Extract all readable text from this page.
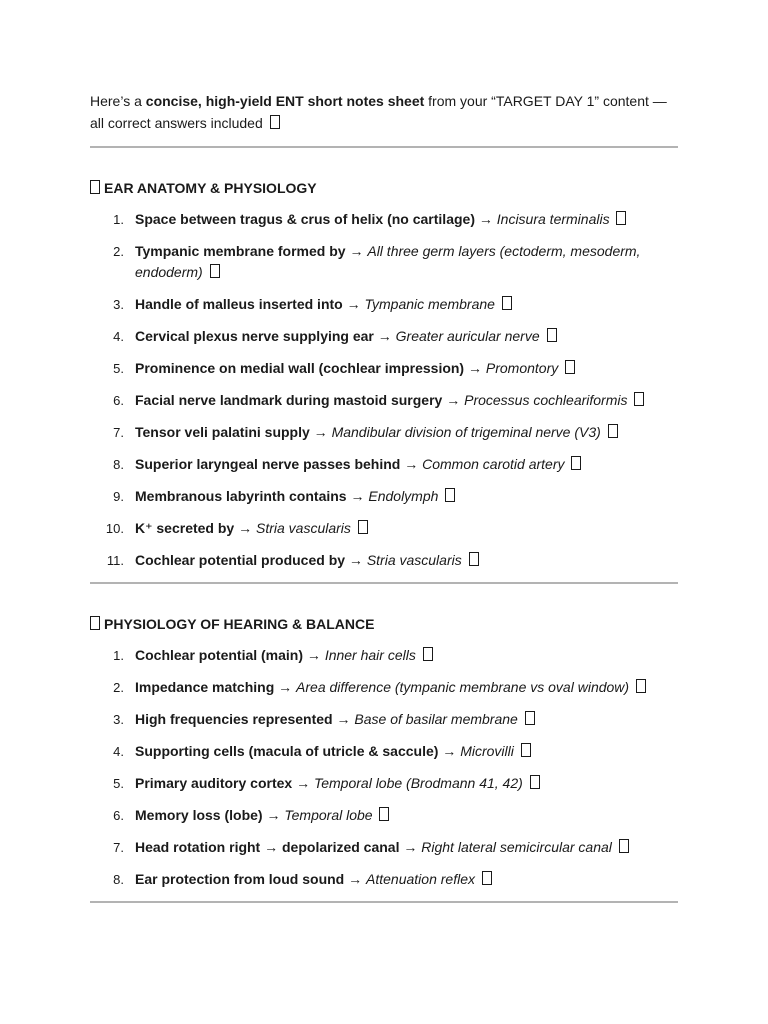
Here’s a concise, high-yield ENT short notes sheet from your “TARGET DAY 1” content — all correct answers included

EAR ANATOMY & PHYSIOLOGY
1. Space between tragus & crus of helix (no cartilage) → Incisura terminalis
2. Tympanic membrane formed by → All three germ layers (ectoderm, mesoderm, endoderm)
3. Handle of malleus inserted into → Tympanic membrane
4. Cervical plexus nerve supplying ear → Greater auricular nerve
5. Prominence on medial wall (cochlear impression) → Promontory
6. Facial nerve landmark during mastoid surgery → Processus cochleariformis
7. Tensor veli palatini supply → Mandibular division of trigeminal nerve (V3)
8. Superior laryngeal nerve passes behind → Common carotid artery
9. Membranous labyrinth contains → Endolymph
10. K⁺ secreted by → Stria vascularis
11. Cochlear potential produced by → Stria vascularis
PHYSIOLOGY OF HEARING & BALANCE
1. Cochlear potential (main) → Inner hair cells
2. Impedance matching → Area difference (tympanic membrane vs oval window)
3. High frequencies represented → Base of basilar membrane
4. Supporting cells (macula of utricle & saccule) → Microvilli
5. Primary auditory cortex → Temporal lobe (Brodmann 41, 42)
6. Memory loss (lobe) → Temporal lobe
7. Head rotation right → depolarized canal → Right lateral semicircular canal
8. Ear protection from loud sound → Attenuation reflex
